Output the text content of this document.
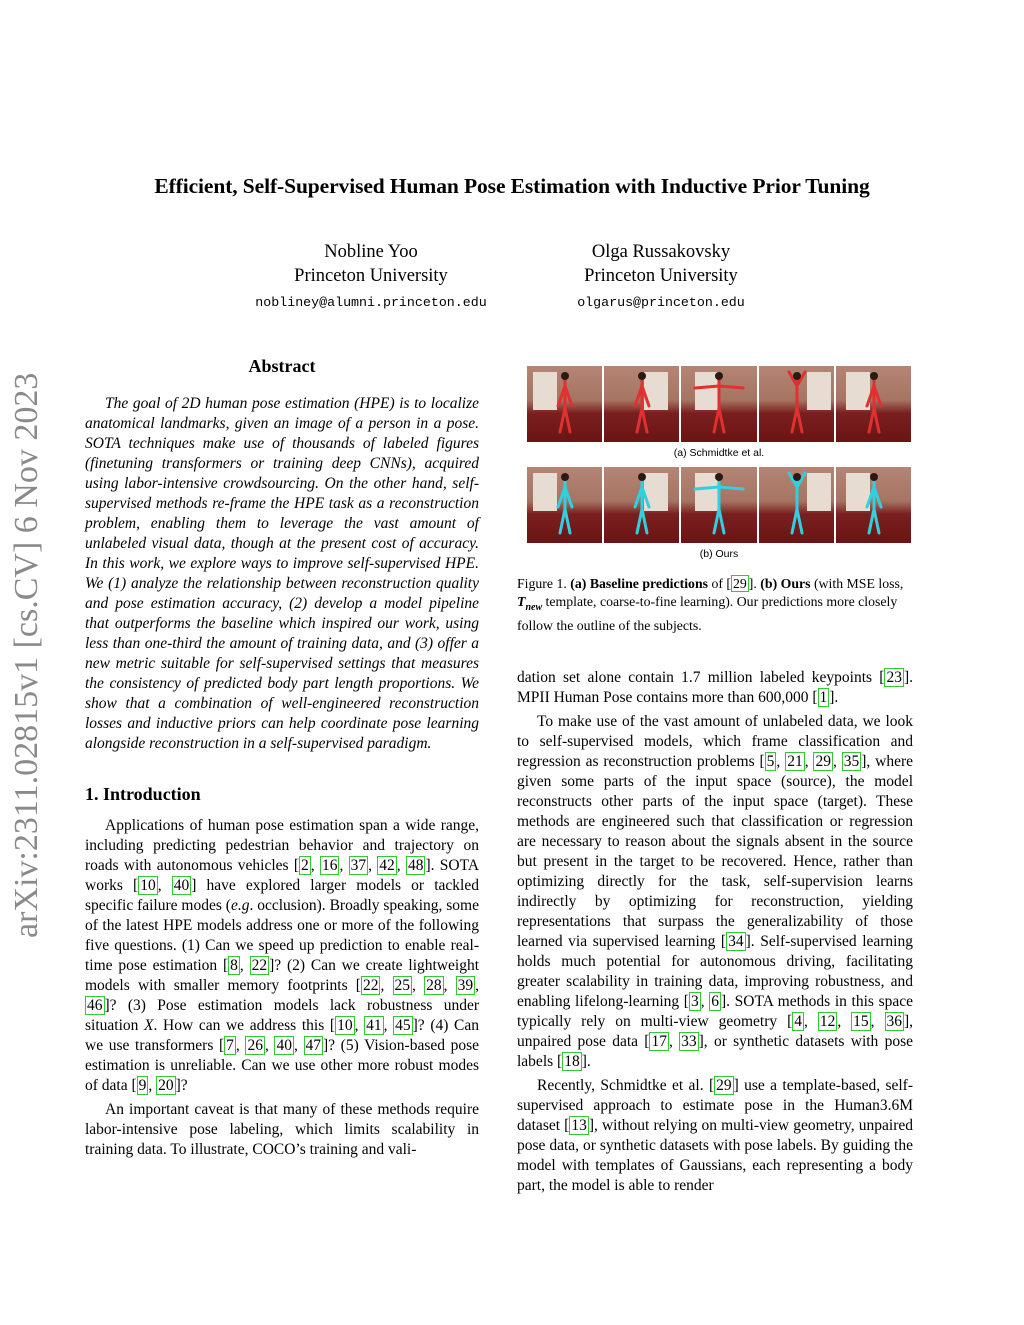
Efficient, Self-Supervised Human Pose Estimation with Inductive Prior Tuning
Nobline Yoo
Princeton University
nobliney@alumni.princeton.edu
Olga Russakovsky
Princeton University
olgarus@princeton.edu
arXiv:2311.02815v1 [cs.CV] 6 Nov 2023
Abstract

The goal of 2D human pose estimation (HPE) is to localize anatomical landmarks, given an image of a person in a pose. SOTA techniques make use of thousands of labeled figures (finetuning transformers or training deep CNNs), acquired using labor-intensive crowdsourcing. On the other hand, self-supervised methods re-frame the HPE task as a reconstruction problem, enabling them to leverage the vast amount of unlabeled visual data, though at the present cost of accuracy. In this work, we explore ways to improve self-supervised HPE. We (1) analyze the relationship between reconstruction quality and pose estimation accuracy, (2) develop a model pipeline that outperforms the baseline which inspired our work, using less than one-third the amount of training data, and (3) offer a new metric suitable for self-supervised settings that measures the consistency of predicted body part length proportions. We show that a combination of well-engineered reconstruction losses and inductive priors can help coordinate pose learning alongside reconstruction in a self-supervised paradigm.

1. Introduction

Applications of human pose estimation span a wide range, including predicting pedestrian behavior and trajectory on roads with autonomous vehicles [ 2 , 16 , 37 , 42 , 48 ]. SOTA works [ 10 , 40 ] have explored larger models or tackled specific failure modes (e.g. occlusion). Broadly speaking, some of the latest HPE models address one or more of the following five questions. (1) Can we speed up prediction to enable real-time pose estimation [ 8 , 22 ]? (2) Can we create lightweight models with smaller memory footprints [ 22 , 25 , 28 , 39 , 46 ]? (3) Pose estimation models lack robustness under situation X. How can we address this [ 10 , 41 , 45 ]? (4) Can we use transformers [ 7 , 26 , 40 , 47 ]? (5) Vision-based pose estimation is unreliable. Can we use other more robust modes of data [ 9 , 20 ]?

An important caveat is that many of these methods require labor-intensive pose labeling, which limits scalability in training data. To illustrate, COCO’s training and vali-

(a) Schmidtke et al.
(b) Ours
Figure 1. (a) Baseline predictions of [ 29 ]. (b) Ours (with MSE loss, $T_{new}$ template, coarse-to-fine learning). Our predictions more closely follow the outline of the subjects.

dation set alone contain 1.7 million labeled keypoints [ 23 ]. MPII Human Pose contains more than 600,000 [ 1 ].

To make use of the vast amount of unlabeled data, we look to self-supervised models, which frame classification and regression as reconstruction problems [ 5 , 21 , 29 , 35 ], where given some parts of the input space (source), the model reconstructs other parts of the input space (target). These methods are engineered such that classification or regression are necessary to reason about the signals absent in the source but present in the target to be recovered. Hence, rather than optimizing directly for the task, self-supervision learns indirectly by optimizing for reconstruction, yielding representations that surpass the generalizability of those learned via supervised learning [ 34 ]. Self-supervised learning holds much potential for autonomous driving, facilitating greater scalability in training data, improving robustness, and enabling lifelong-learning [ 3 , 6 ]. SOTA methods in this space typically rely on multi-view geometry [ 4 , 12 , 15 , 36 ], unpaired pose data [ 17 , 33 ], or synthetic datasets with pose labels [ 18 ].

Recently, Schmidtke et al. [ 29 ] use a template-based, self-supervised approach to estimate pose in the Human3.6M dataset [ 13 ], without relying on multi-view geometry, unpaired pose data, or synthetic datasets with pose labels. By guiding the model with templates of Gaussians, each representing a body part, the model is able to render
